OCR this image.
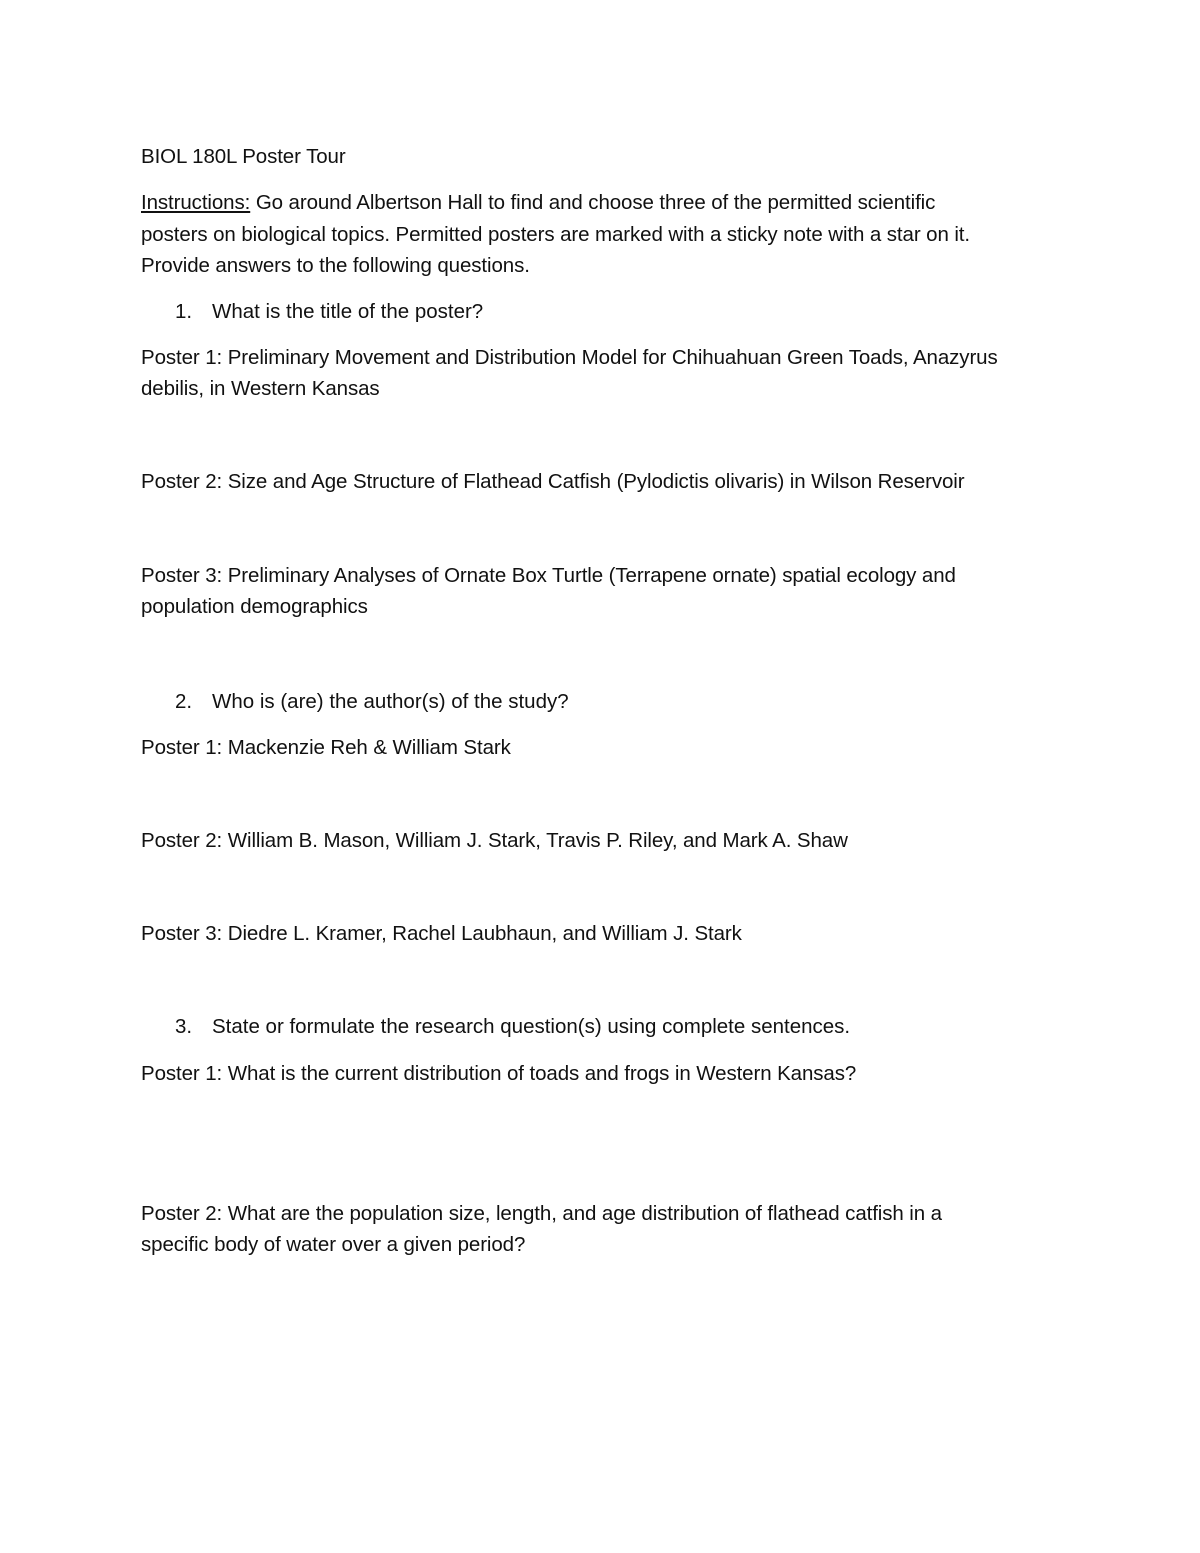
BIOL 180L Poster Tour
Instructions: Go around Albertson Hall to find and choose three of the permitted scientific
posters on biological topics. Permitted posters are marked with a sticky note with a star on it.
Provide answers to the following questions.
1. What is the title of the poster?
Poster 1: Preliminary Movement and Distribution Model for Chihuahuan Green Toads, Anazyrus
debilis, in Western Kansas
Poster 2: Size and Age Structure of Flathead Catfish (Pylodictis olivaris) in Wilson Reservoir
Poster 3: Preliminary Analyses of Ornate Box Turtle (Terrapene ornate) spatial ecology and
population demographics
2. Who is (are) the author(s) of the study?
Poster 1: Mackenzie Reh & William Stark
Poster 2: William B. Mason, William J. Stark, Travis P. Riley, and Mark A. Shaw
Poster 3: Diedre L. Kramer, Rachel Laubhaun, and William J. Stark
3. State or formulate the research question(s) using complete sentences.
Poster 1: What is the current distribution of toads and frogs in Western Kansas?
Poster 2: What are the population size, length, and age distribution of flathead catfish in a
specific body of water over a given period?
